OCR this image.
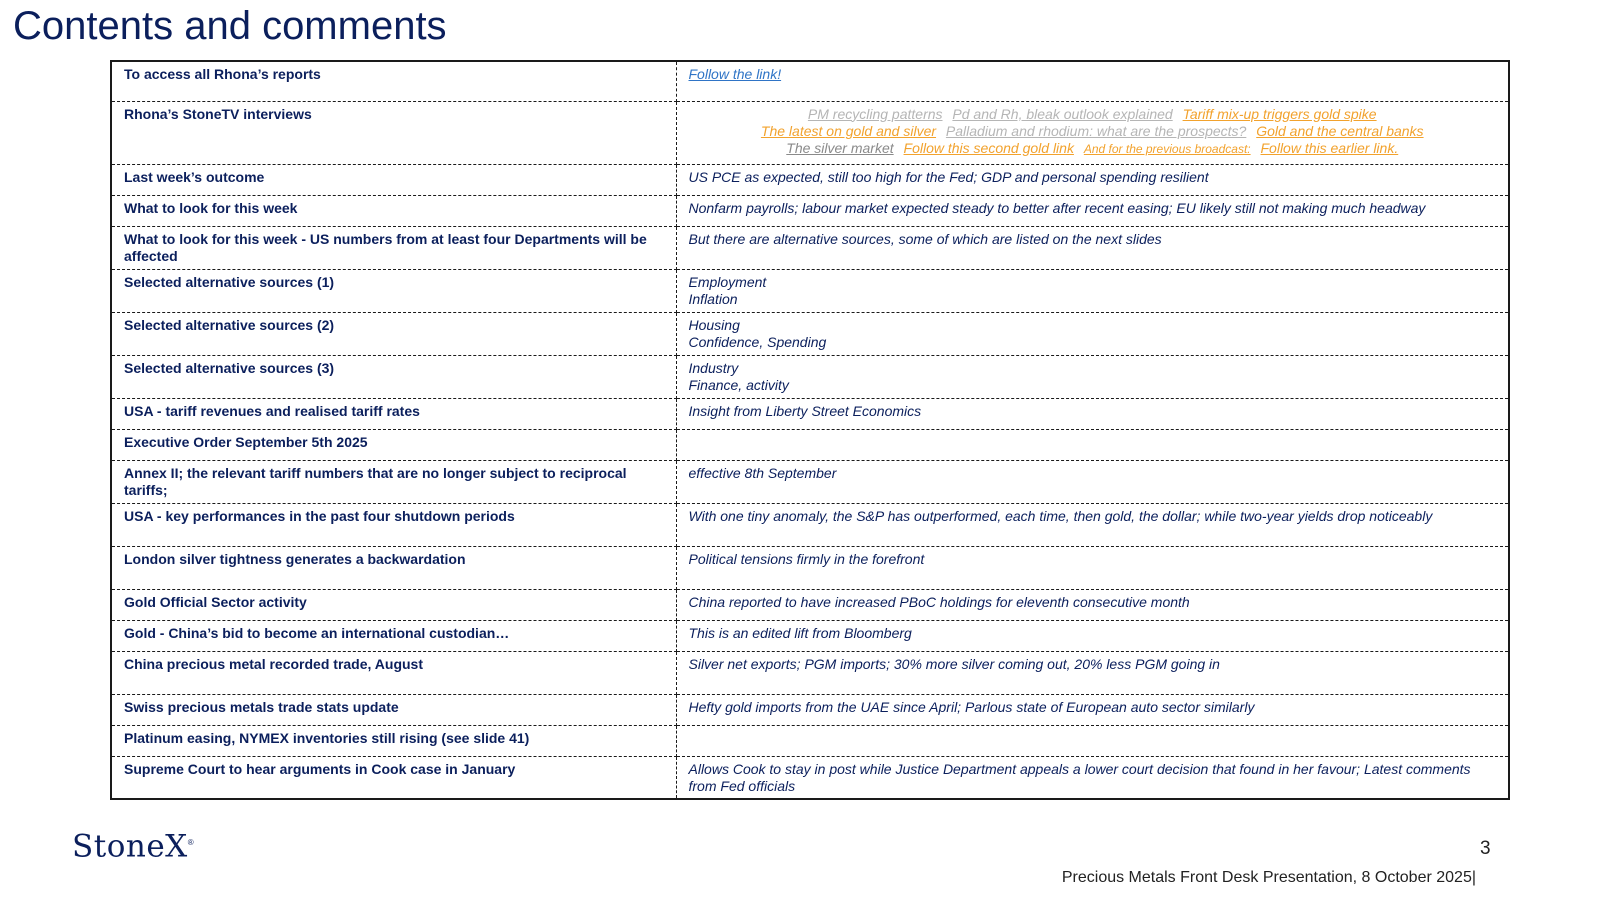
Contents and comments
To access all Rhona’s reports	Follow the link!
Rhona’s StoneTV interviews	PM recycling patterns Pd and Rh, bleak outlook explained Tariff mix-up triggers gold spike
The latest on gold and silver Palladium and rhodium: what are the prospects? Gold and the central banks
The silver market Follow this second gold link And for the previous broadcast: Follow this earlier link.

Last week’s outcome	US PCE as expected, still too high for the Fed; GDP and personal spending resilient

What to look for this week	Nonfarm payrolls; labour market expected steady to better after recent easing; EU likely still not making much headway

What to look for this week - US numbers from at least four Departments will be affected	But there are alternative sources, some of which are listed on the next slides

Selected alternative sources (1)	Employment
Inflation

Selected alternative sources (2)	Housing
Confidence, Spending

Selected alternative sources (3)	Industry
Finance, activity

USA - tariff revenues and realised tariff rates	Insight from Liberty Street Economics

Executive Order September 5th 2025	

Annex II; the relevant tariff numbers that are no longer subject to reciprocal tariffs;	effective 8th September

USA - key performances in the past four shutdown periods	With one tiny anomaly, the S&P has outperformed, each time, then gold, the dollar; while two-year yields drop noticeably

London silver tightness generates a backwardation	Political tensions firmly in the forefront

Gold Official Sector activity	China reported to have increased PBoC holdings for eleventh consecutive month

Gold - China’s bid to become an international custodian…	This is an edited lift from Bloomberg

China precious metal recorded trade, August	Silver net exports; PGM imports; 30% more silver coming out, 20% less PGM going in

Swiss precious metals trade stats update	Hefty gold imports from the UAE since April; Parlous state of European auto sector similarly

Platinum easing, NYMEX inventories still rising (see slide 41)	

Supreme Court to hear arguments in Cook case in January	Allows Cook to stay in post while Justice Department appeals a lower court decision that found in her favour; Latest comments from Fed officials
StoneX®	3
Precious Metals Front Desk Presentation, 8 October 2025|
